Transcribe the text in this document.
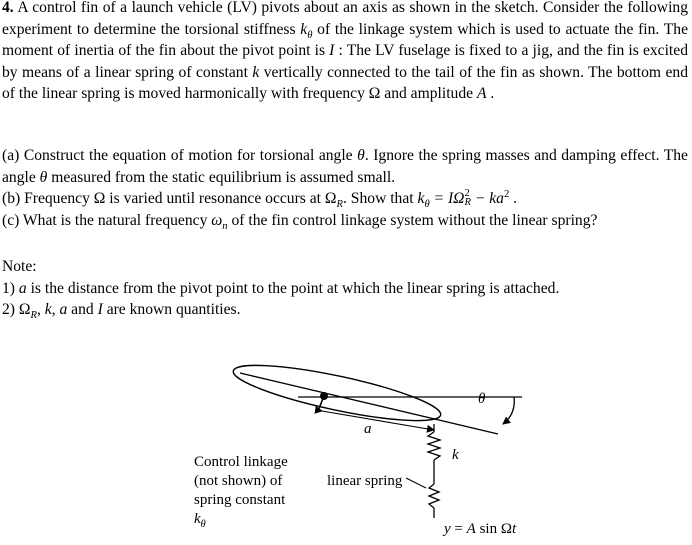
4. A control fin of a launch vehicle (LV) pivots about an axis as shown in the sketch. Consider the following experiment to determine the torsional stiffness $k_\theta$ of the linkage system which is used to actuate the fin. The moment of inertia of the fin about the pivot point is I : The LV fuselage is fixed to a jig, and the fin is excited by means of a linear spring of constant k vertically connected to the tail of the fin as shown. The bottom end of the linear spring is moved harmonically with frequency Ω and amplitude A .

(a) Construct the equation of motion for torsional angle θ. Ignore the spring masses and damping effect. The angle θ measured from the static equilibrium is assumed small.

(b) Frequency Ω is varied until resonance occurs at $\Omega_R$. Show that $k_\theta = I\Omega$ 2
$R - ka^2$ .

(c) What is the natural frequency $\omega_n$ of the fin control linkage system without the linear spring?

Note:

1) a is the distance from the pivot point to the point at which the linear spring is attached.

2) $\Omega_R$, k, a and I are known quantities.

θ
a
k
Control linkage
(not shown) of
spring constant
$k_\theta$
linear spring
y = A sin Ωt
